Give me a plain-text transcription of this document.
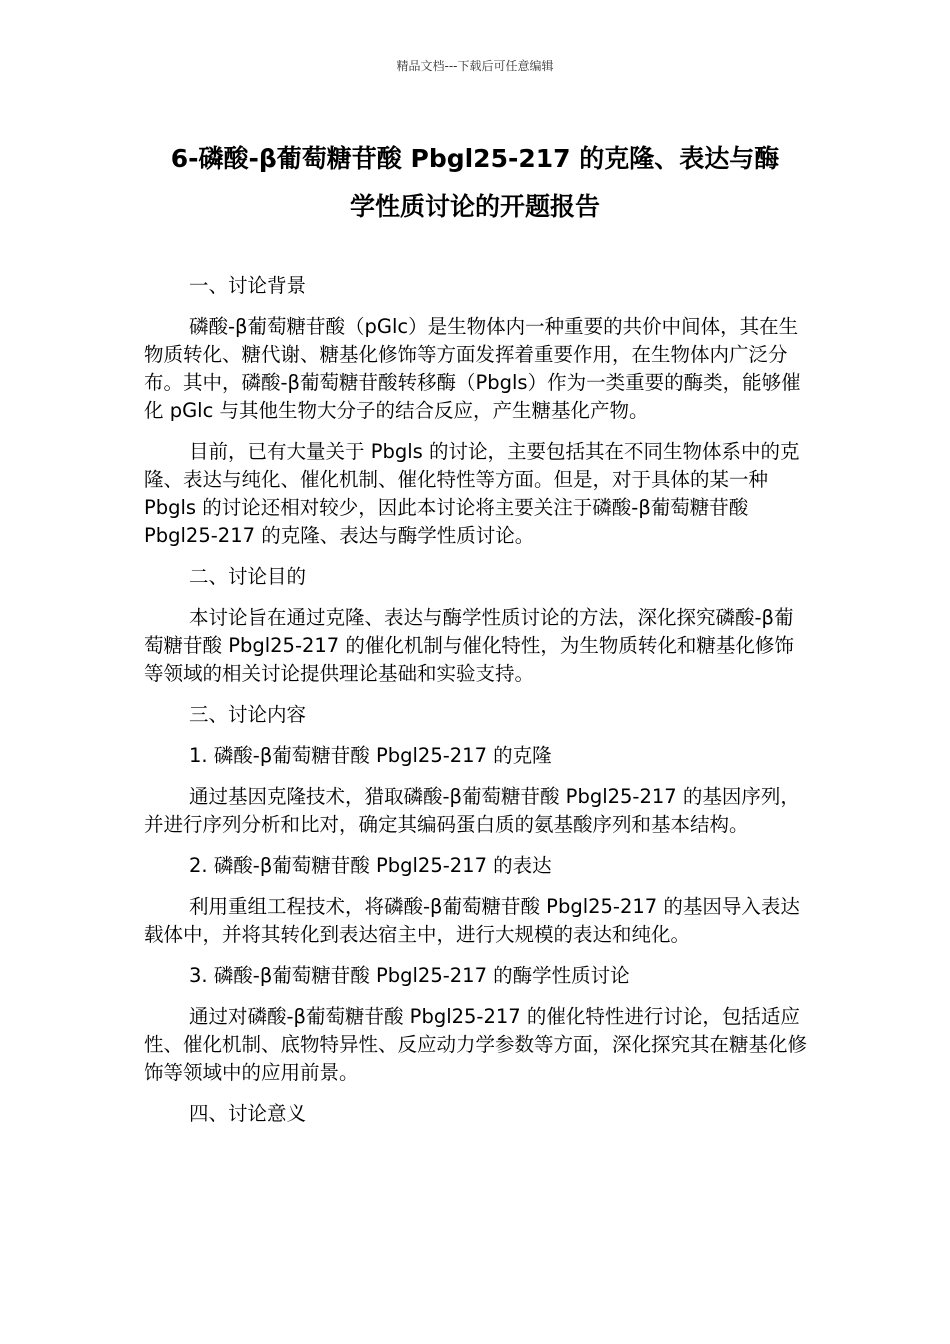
精品文档---下载后可任意编辑
6-磷酸-β葡萄糖苷酸 Pbgl25-217 的克隆、表达与酶
学性质讨论的开题报告
一、讨论背景
磷酸-β葡萄糖苷酸（pGlc）是生物体内一种重要的共价中间体，其在生物质转化、糖代谢、糖基化修饰等方面发挥着重要作用，在生物体内广泛分布。其中，磷酸-β葡萄糖苷酸转移酶（Pbgls）作为一类重要的酶类，能够催化 pGlc 与其他生物大分子的结合反应，产生糖基化产物。
目前，已有大量关于 Pbgls 的讨论，主要包括其在不同生物体系中的克隆、表达与纯化、催化机制、催化特性等方面。但是，对于具体的某一种 Pbgls 的讨论还相对较少，因此本讨论将主要关注于磷酸-β葡萄糖苷酸 Pbgl25-217 的克隆、表达与酶学性质讨论。
二、讨论目的
本讨论旨在通过克隆、表达与酶学性质讨论的方法，深化探究磷酸-β葡萄糖苷酸 Pbgl25-217 的催化机制与催化特性，为生物质转化和糖基化修饰等领域的相关讨论提供理论基础和实验支持。
三、讨论内容
1. 磷酸-β葡萄糖苷酸 Pbgl25-217 的克隆
通过基因克隆技术，猎取磷酸-β葡萄糖苷酸 Pbgl25-217 的基因序列，并进行序列分析和比对，确定其编码蛋白质的氨基酸序列和基本结构。
2. 磷酸-β葡萄糖苷酸 Pbgl25-217 的表达
利用重组工程技术，将磷酸-β葡萄糖苷酸 Pbgl25-217 的基因导入表达载体中，并将其转化到表达宿主中，进行大规模的表达和纯化。
3. 磷酸-β葡萄糖苷酸 Pbgl25-217 的酶学性质讨论
通过对磷酸-β葡萄糖苷酸 Pbgl25-217 的催化特性进行讨论，包括适应性、催化机制、底物特异性、反应动力学参数等方面，深化探究其在糖基化修饰等领域中的应用前景。
四、讨论意义
